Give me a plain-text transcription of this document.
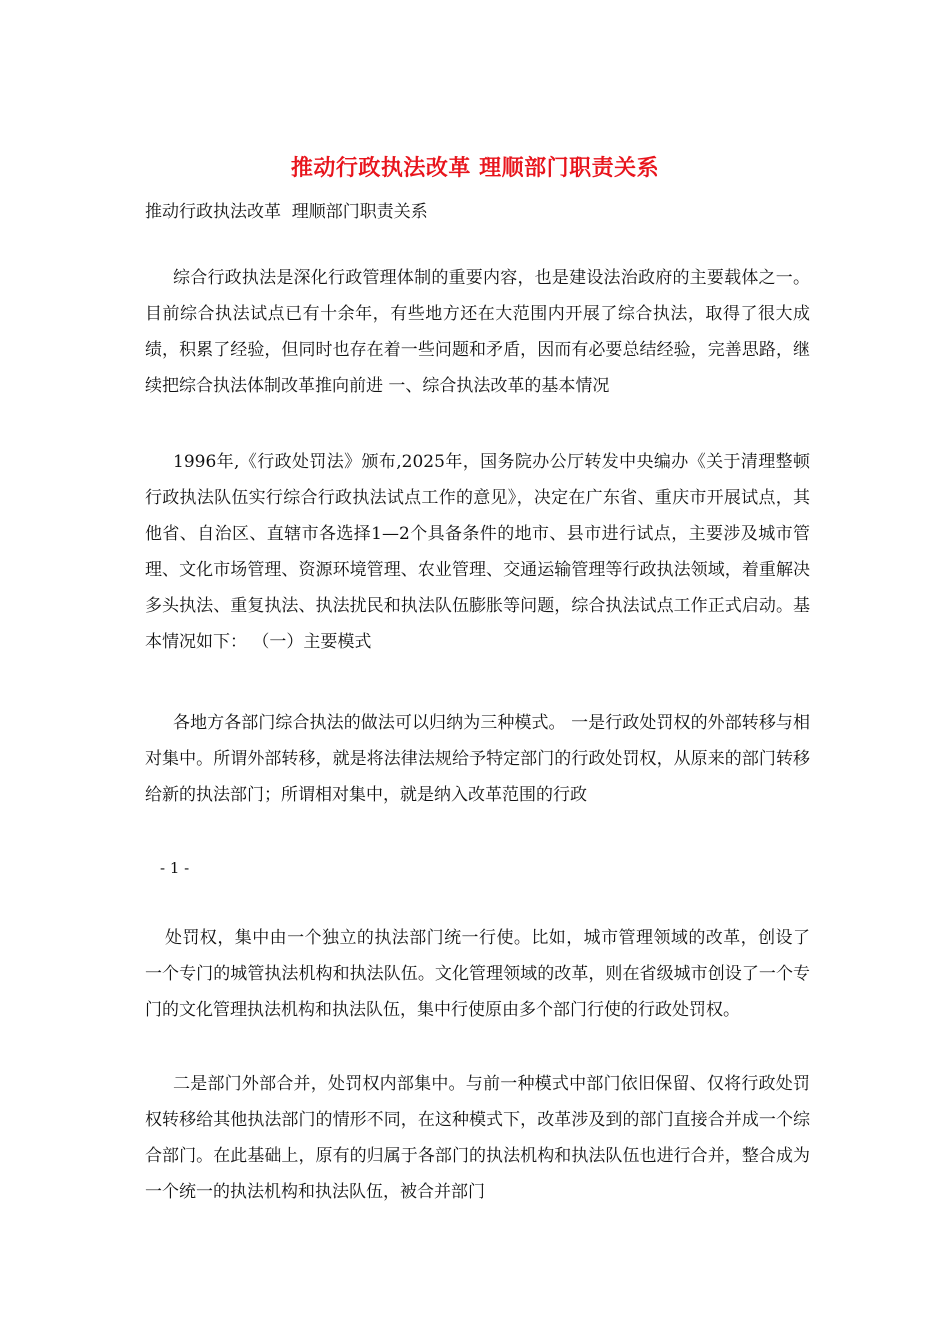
推动行政执法改革 理顺部门职责关系
推动行政执法改革  理顺部门职责关系

综合行政执法是深化行政管理体制的重要内容，也是建设法治政府的主要载体之一。目前综合执法试点已有十余年，有些地方还在大范围内开展了综合执法，取得了很大成绩，积累了经验，但同时也存在着一些问题和矛盾，因而有必要总结经验，完善思路，继续把综合执法体制改革推向前进 一、综合执法改革的基本情况

1996年,《行政处罚法》颁布,2025年，国务院办公厅转发中央编办《关于清理整顿行政执法队伍实行综合行政执法试点工作的意见》，决定在广东省、重庆市开展试点，其他省、自治区、直辖市各选择1—2个具备条件的地市、县市进行试点，主要涉及城市管理、文化市场管理、资源环境管理、农业管理、交通运输管理等行政执法领域，着重解决多头执法、重复执法、执法扰民和执法队伍膨胀等问题，综合执法试点工作正式启动。基本情况如下： （一）主要模式

各地方各部门综合执法的做法可以归纳为三种模式。 一是行政处罚权的外部转移与相对集中。所谓外部转移，就是将法律法规给予特定部门的行政处罚权，从原来的部门转移给新的执法部门；所谓相对集中，就是纳入改革范围的行政

- 1 -

处罚权，集中由一个独立的执法部门统一行使。比如，城市管理领域的改革，创设了一个专门的城管执法机构和执法队伍。文化管理领域的改革，则在省级城市创设了一个专门的文化管理执法机构和执法队伍，集中行使原由多个部门行使的行政处罚权。

二是部门外部合并，处罚权内部集中。与前一种模式中部门依旧保留、仅将行政处罚权转移给其他执法部门的情形不同，在这种模式下，改革涉及到的部门直接合并成一个综合部门。在此基础上，原有的归属于各部门的执法机构和执法队伍也进行合并，整合成为一个统一的执法机构和执法队伍，被合并部门
